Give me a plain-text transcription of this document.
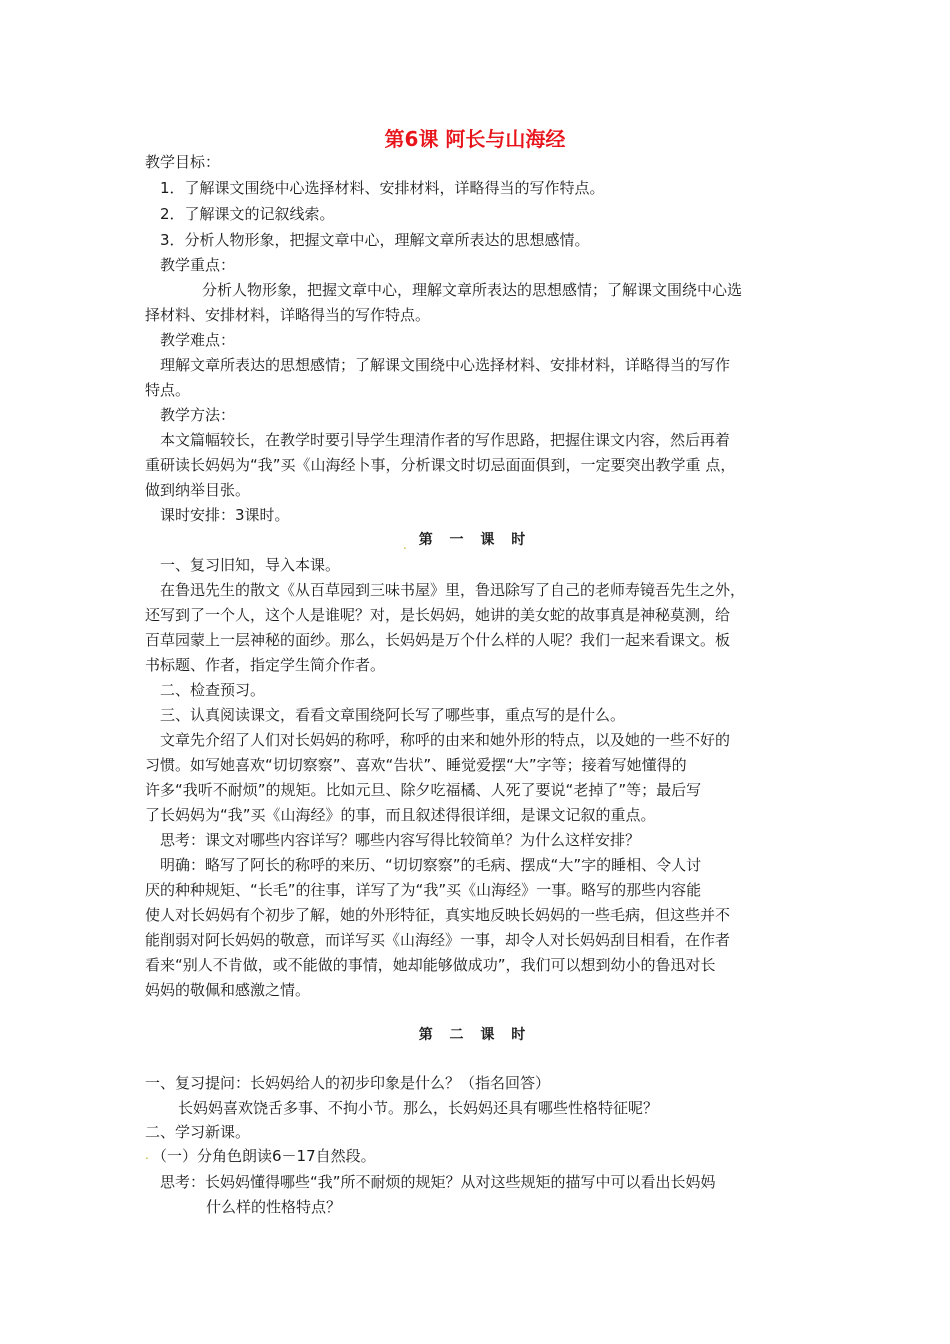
第6课 阿长与山海经
教学目标：
1．了解课文围绕中心选择材料、安排材料，详略得当的写作特点。
2．了解课文的记叙线索。
3．分析人物形象，把握文章中心，理解文章所表达的思想感情。
教学重点：
分析人物形象，把握文章中心，理解文章所表达的思想感情；了解课文围绕中心选
择材料、安排材料，详略得当的写作特点。
教学难点：
理解文章所表达的思想感情；了解课文围绕中心选择材料、安排材料，详略得当的写作
特点。
教学方法：
本文篇幅较长，在教学时要引导学生理清作者的写作思路，把握住课文内容，然后再着
重研读长妈妈为“我”买《山海经卜事，分析课文时切忌面面俱到，一定要突出教学重 点，
做到纳举目张。
课时安排：3课时。
. 第 一 课 时
一、复习旧知，导入本课。
在鲁迅先生的散文《从百草园到三味书屋》里，鲁迅除写了自己的老师寿镜吾先生之外，
还写到了一个人，这个人是谁呢？对，是长妈妈，她讲的美女蛇的故事真是神秘莫测，给
百草园蒙上一层神秘的面纱。那么，长妈妈是万个什么样的人呢？我们一起来看课文。板
书标题、作者，指定学生简介作者。
二、检查预习。
三、认真阅读课文，看看文章围绕阿长写了哪些事，重点写的是什么。
文章先介绍了人们对长妈妈的称呼，称呼的由来和她外形的特点，以及她的一些不好的
习惯。如写她喜欢“切切察察”、喜欢“告状”、睡觉爱摆“大”字等；接着写她懂得的
许多“我听不耐烦”的规矩。比如元旦、除夕吃福橘、人死了要说“老掉了”等；最后写
了长妈妈为“我”买《山海经》的事，而且叙述得很详细，是课文记叙的重点。
思考：课文对哪些内容详写？哪些内容写得比较简单？为什么这样安排？
明确：略写了阿长的称呼的来历、“切切察察”的毛病、摆成“大”字的睡相、令人讨
厌的种种规矩、“长毛”的往事，详写了为“我”买《山海经》一事。略写的那些内容能
使人对长妈妈有个初步了解，她的外形特征，真实地反映长妈妈的一些毛病，但这些并不
能削弱对阿长妈妈的敬意，而详写买《山海经》一事，却令人对长妈妈刮目相看，在作者
看来“别人不肯做，或不能做的事情，她却能够做成功”，我们可以想到幼小的鲁迅对长
妈妈的敬佩和感激之情。
第 二 课 时
一、复习提问：长妈妈给人的初步印象是什么？（指名回答）
长妈妈喜欢饶舌多事、不拘小节。那么，长妈妈还具有哪些性格特征呢？
二、学习新课。
. （一）分角色朗读6－17自然段。
思考：长妈妈懂得哪些“我”所不耐烦的规矩？从对这些规矩的描写中可以看出长妈妈
什么样的性格特点？
